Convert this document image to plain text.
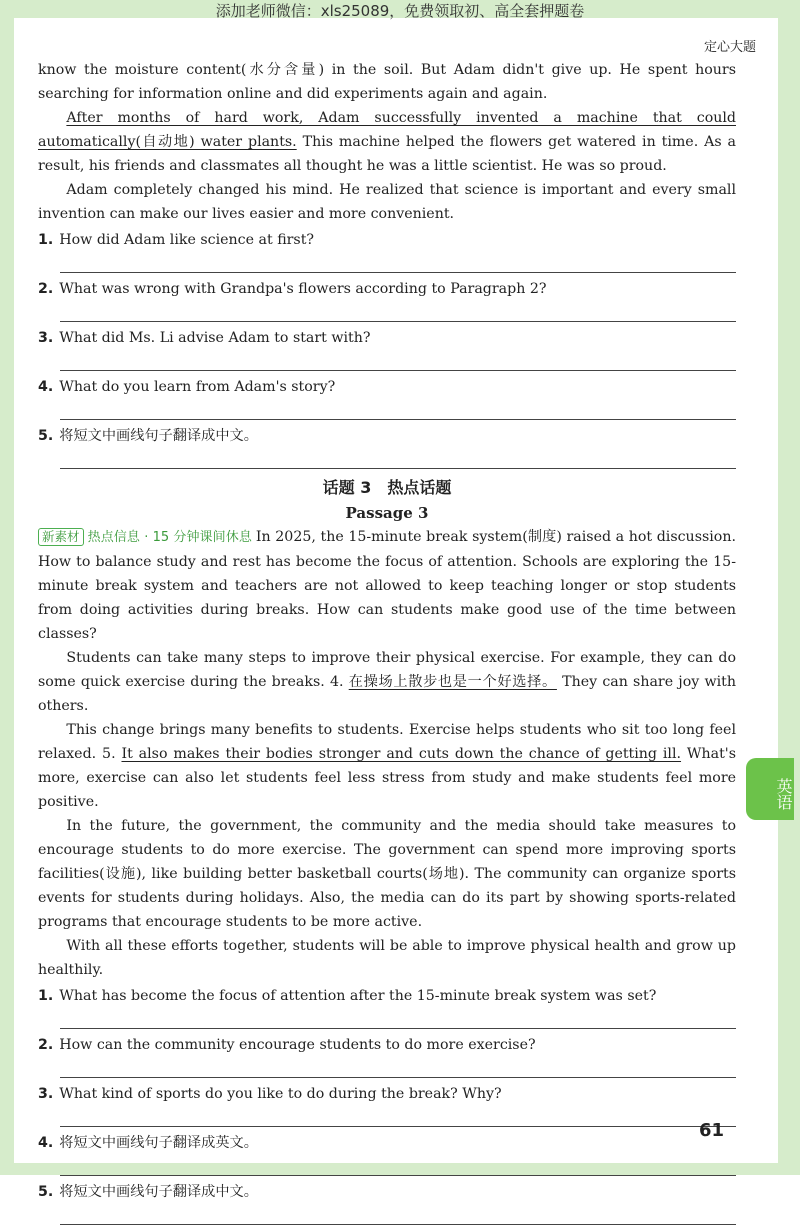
添加老师微信：xls25089，免费领取初、高全套押题卷
定心大题

know the moisture content(水分含量) in the soil. But Adam didn't give up. He spent hours searching for information online and did experiments again and again.

After months of hard work, Adam successfully invented a machine that could automatically(自动地) water plants. This machine helped the flowers get watered in time. As a result, his friends and classmates all thought he was a little scientist. He was so proud.

Adam completely changed his mind. He realized that science is important and every small invention can make our lives easier and more convenient.

1. How did Adam like science at first?
2. What was wrong with Grandpa's flowers according to Paragraph 2?
3. What did Ms. Li advise Adam to start with?
4. What do you learn from Adam's story?
5. 将短文中画线句子翻译成中文。
话题 3　热点话题
Passage 3

新素材 热点信息 · 15 分钟课间休息 In 2025, the 15-minute break system(制度) raised a hot discussion. How to balance study and rest has become the focus of attention. Schools are exploring the 15-minute break system and teachers are not allowed to keep teaching longer or stop students from doing activities during breaks. How can students make good use of the time between classes?

Students can take many steps to improve their physical exercise. For example, they can do some quick exercise during the breaks. 4. 在操场上散步也是一个好选择。 They can share joy with others.

This change brings many benefits to students. Exercise helps students who sit too long feel relaxed. 5. It also makes their bodies stronger and cuts down the chance of getting ill. What's more, exercise can also let students feel less stress from study and make students feel more positive.

In the future, the government, the community and the media should take measures to encourage students to do more exercise. The government can spend more improving sports facilities(设施), like building better basketball courts(场地). The community can organize sports events for students during holidays. Also, the media can do its part by showing sports-related programs that encourage students to be more active.

With all these efforts together, students will be able to improve physical health and grow up healthily.

1. What has become the focus of attention after the 15-minute break system was set?
2. How can the community encourage students to do more exercise?
3. What kind of sports do you like to do during the break? Why?
4. 将短文中画线句子翻译成英文。
5. 将短文中画线句子翻译成中文。
英语
61
